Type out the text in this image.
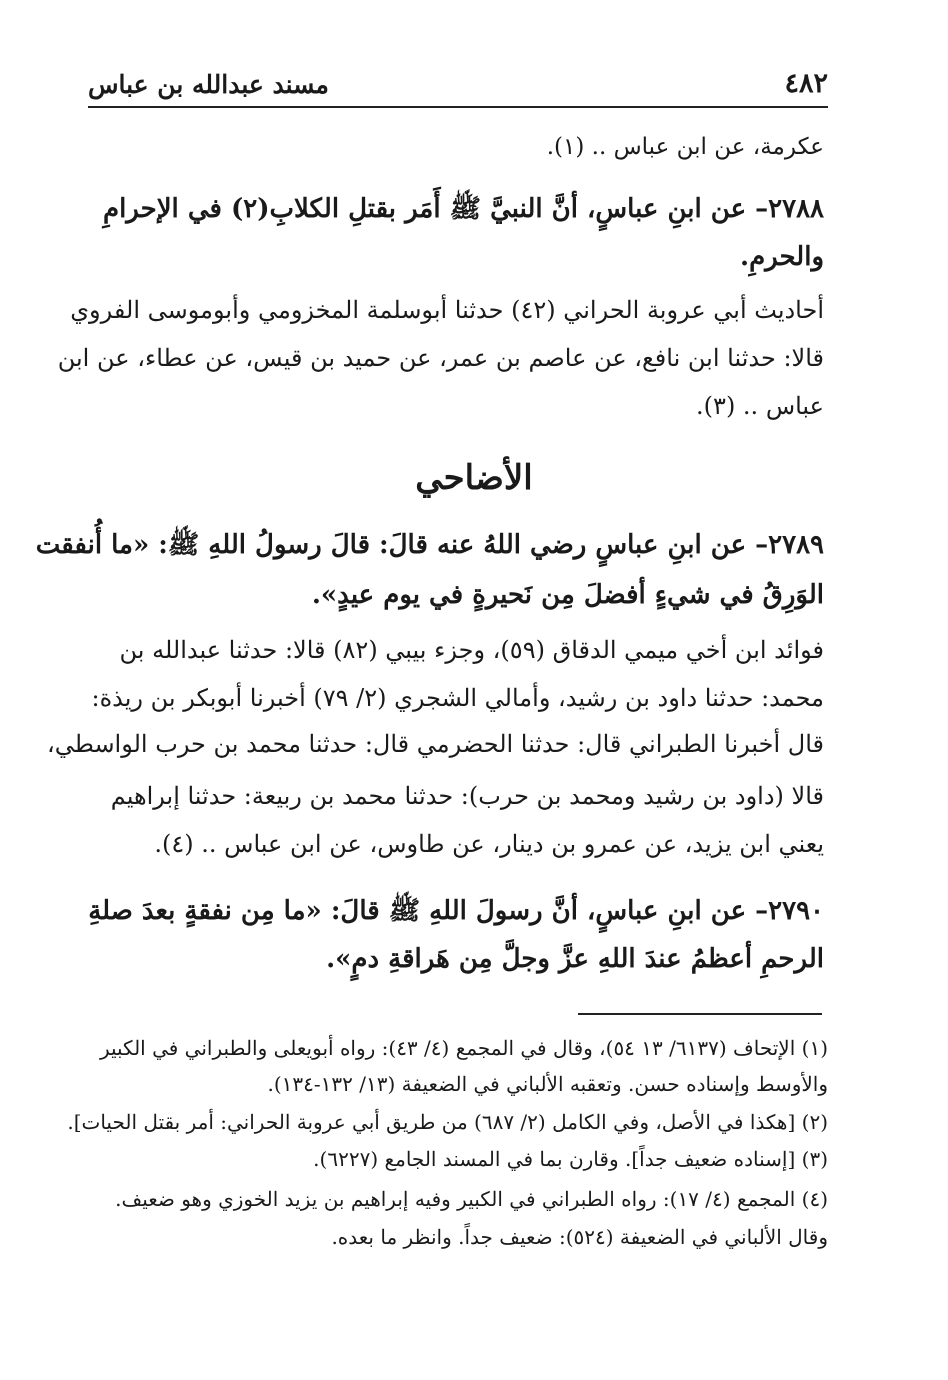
مسند عبدالله بن عباس	٤٨٢
عكرمة، عن ابن عباس .. (١).
٢٧٨٨– عن ابنِ عباسٍ، أنَّ النبيَّ ﷺ أَمَر بقتلِ الكلابِ(٢) في الإحرامِ
والحرمِ.
أحاديث أبي عروبة الحراني (٤٢) حدثنا أبوسلمة المخزومي وأبوموسى الفروي
قالا: حدثنا ابن نافع، عن عاصم بن عمر، عن حميد بن قيس، عن عطاء، عن ابن
عباس .. (٣).
الأضاحي
٢٧٨٩– عن ابنِ عباسٍ رضي اللهُ عنه قالَ: قالَ رسولُ اللهِ ﷺ: «ما أُنفقت
الوَرِقُ في شيءٍ أفضلَ مِن نَحيرةٍ في يوم عيدٍ».
فوائد ابن أخي ميمي الدقاق (٥٩)، وجزء بيبي (٨٢) قالا: حدثنا عبدالله بن
محمد: حدثنا داود بن رشيد، وأمالي الشجري (٢/ ٧٩) أخبرنا أبوبكر بن ريذة:
قال أخبرنا الطبراني قال: حدثنا الحضرمي قال: حدثنا محمد بن حرب الواسطي،
قالا (داود بن رشيد ومحمد بن حرب): حدثنا محمد بن ربيعة: حدثنا إبراهيم
يعني ابن يزيد، عن عمرو بن دينار، عن طاوس، عن ابن عباس .. (٤).
٢٧٩٠– عن ابنِ عباسٍ، أنَّ رسولَ اللهِ ﷺ قالَ: «ما مِن نفقةٍ بعدَ صلةِ
الرحمِ أعظمُ عندَ اللهِ عزَّ وجلَّ مِن هَراقةِ دمٍ».
(١) الإتحاف (٦١٣٧/ ١٣ ٥٤)، وقال في المجمع (٤/ ٤٣): رواه أبويعلى والطبراني في الكبير
والأوسط وإسناده حسن. وتعقبه الألباني في الضعيفة (١٣/ ١٣٢-١٣٤).
(٢) [هكذا في الأصل، وفي الكامل (٢/ ٦٨٧) من طريق أبي عروبة الحراني: أمر بقتل الحيات].
(٣) [إسناده ضعيف جداً]. وقارن بما في المسند الجامع (٦٢٢٧).
(٤) المجمع (٤/ ١٧): رواه الطبراني في الكبير وفيه إبراهيم بن يزيد الخوزي وهو ضعيف.
وقال الألباني في الضعيفة (٥٢٤): ضعيف جداً. وانظر ما بعده.
